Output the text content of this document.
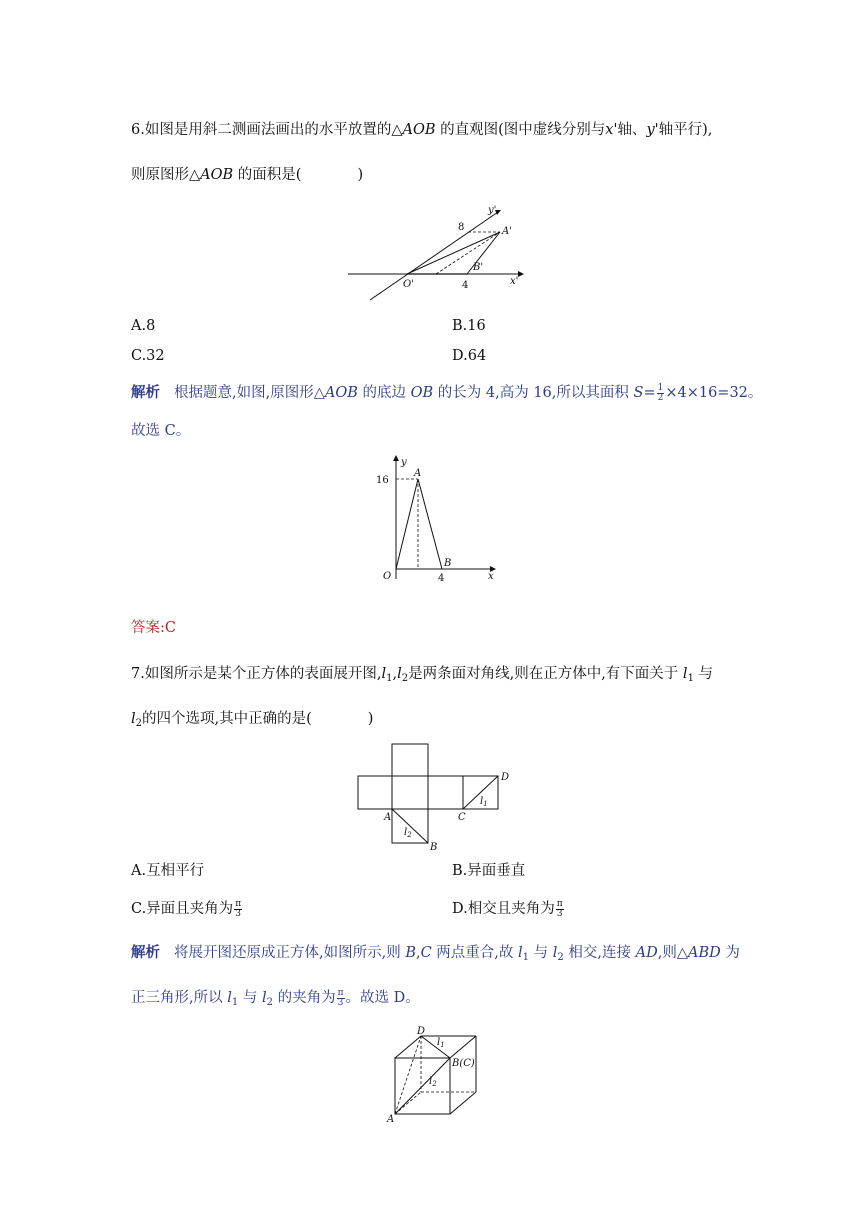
6.如图是用斜二测画法画出的水平放置的△AOB 的直观图(图中虚线分别与x'轴、y'轴平行),
则原图形△AOB 的面积是(	)
y'
8	A'
B'
O'	4	x'
A.8	B.16
C.32	D.64
解析 根据题意,如图,原图形△AOB 的底边 OB 的长为 4,高为 16,所以其面积 $S= \frac{1}{2} \times 4\times 16=32$。
故选 C。
y
A
16
O
B
4	x
答案:C
7.如图所示是某个正方体的表面展开图$,l_1,l_2$是两条面对角线,则在正方体中,有下面关于 $l_1$ 与
$l_2$的四个选项,其中正确的是(	)
D
$l_1$
A	C
$l_2$
B
A.互相平行	B.异面垂直
C.异面且夹角为 $\frac{\pi}{3}$	D.相交且夹角为 $\frac{\pi}{3}$
解析 将展开图还原成正方体,如图所示,则 B,C 两点重合,故 $l_1$ 与 $l_2$ 相交,连接 AD,则△ABD 为
正三角形,所以 $l_1$ 与 $l_2$ 的夹角为 $\frac{\pi}{3}$ 。故选 D。
D
$l_1$
B(C)
$l_2$
A
